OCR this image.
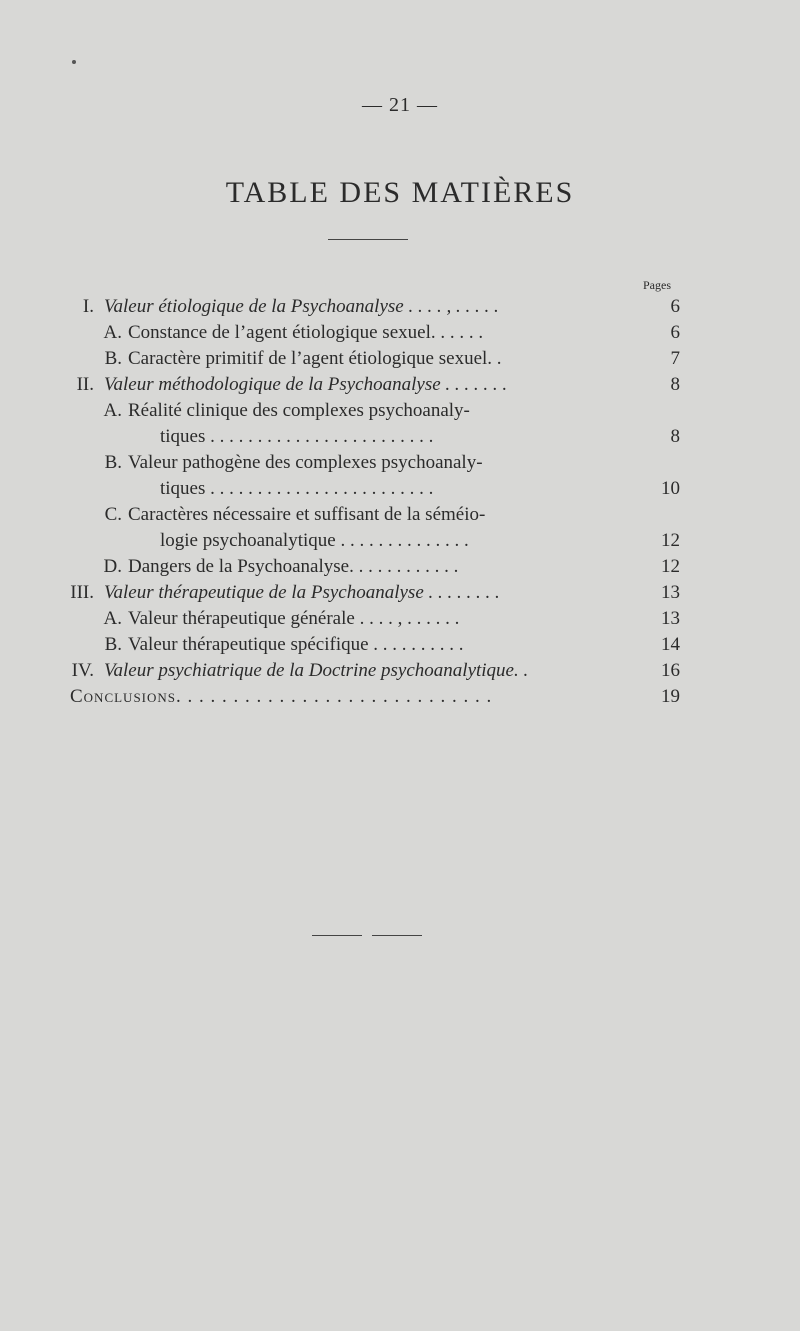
— 21 —
TABLE DES MATIÈRES
Pages
I. Valeur étiologique de la Psychoanalyse . . . . , . . . . .	6
A. Constance de l’agent étiologique sexuel. . . . . .	6
B. Caractère primitif de l’agent étiologique sexuel. .	7
II. Valeur méthodologique de la Psychoanalyse . . . . . . .	8
A. Réalité clinique des complexes psychoanaly-
tiques . . . . . . . . . . . . . . . . . . . . . . . .	8
B. Valeur pathogène des complexes psychoanaly-
tiques . . . . . . . . . . . . . . . . . . . . . . . .	10
C. Caractères nécessaire et suffisant de la séméio-
logie psychoanalytique . . . . . . . . . . . . . .	12
D. Dangers de la Psychoanalyse. . . . . . . . . . . .	12
III. Valeur thérapeutique de la Psychoanalyse . . . . . . . .	13
A. Valeur thérapeutique générale . . . . , . . . . . .	13
B. Valeur thérapeutique spécifique . . . . . . . . . .	14
IV. Valeur psychiatrique de la Doctrine psychoanalytique. .	16
Conclusions. . . . . . . . . . . . . . . . . . . . . . . . . . . .	19
